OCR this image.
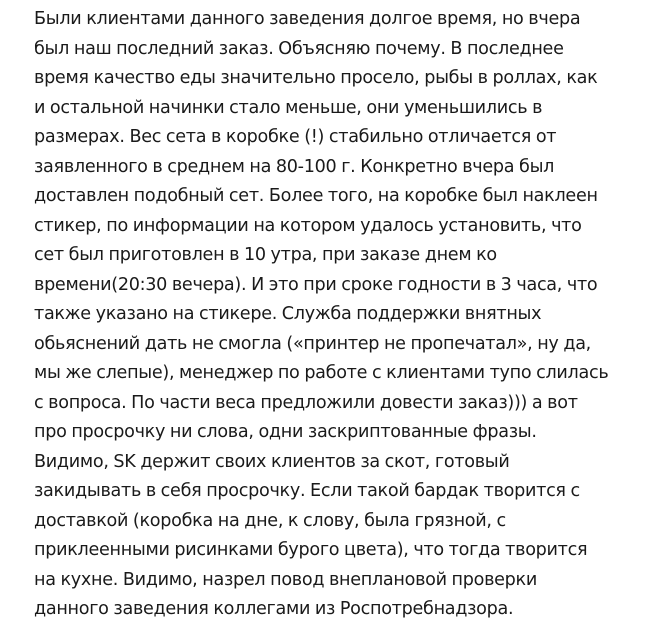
Были клиентами данного заведения долгое время, но вчера
был наш последний заказ. Объясняю почему. В последнее
время качество еды значительно просело, рыбы в роллах, как
и остальной начинки стало меньше, они уменьшились в
размерах. Вес сета в коробке (!) стабильно отличается от
заявленного в среднем на 80-100 г. Конкретно вчера был
доставлен подобный сет. Более того, на коробке был наклеен
стикер, по информации на котором удалось установить, что
сет был приготовлен в 10 утра, при заказе днем ко
времени(20:30 вечера). И это при сроке годности в 3 часа, что
также указано на стикере. Служба поддержки внятных
обьяснений дать не смогла («принтер не пропечатал», ну да,
мы же слепые), менеджер по работе с клиентами тупо слилась
с вопроса. По части веса предложили довести заказ))) а вот
про просрочку ни слова, одни заскриптованные фразы.
Видимо, SK держит своих клиентов за скот, готовый
закидывать в себя просрочку. Если такой бардак творится с
доставкой (коробка на дне, к слову, была грязной, с
приклеенными рисинками бурого цвета), что тогда творится
на кухне. Видимо, назрел повод внеплановой проверки
данного заведения коллегами из Роспотребнадзора.
